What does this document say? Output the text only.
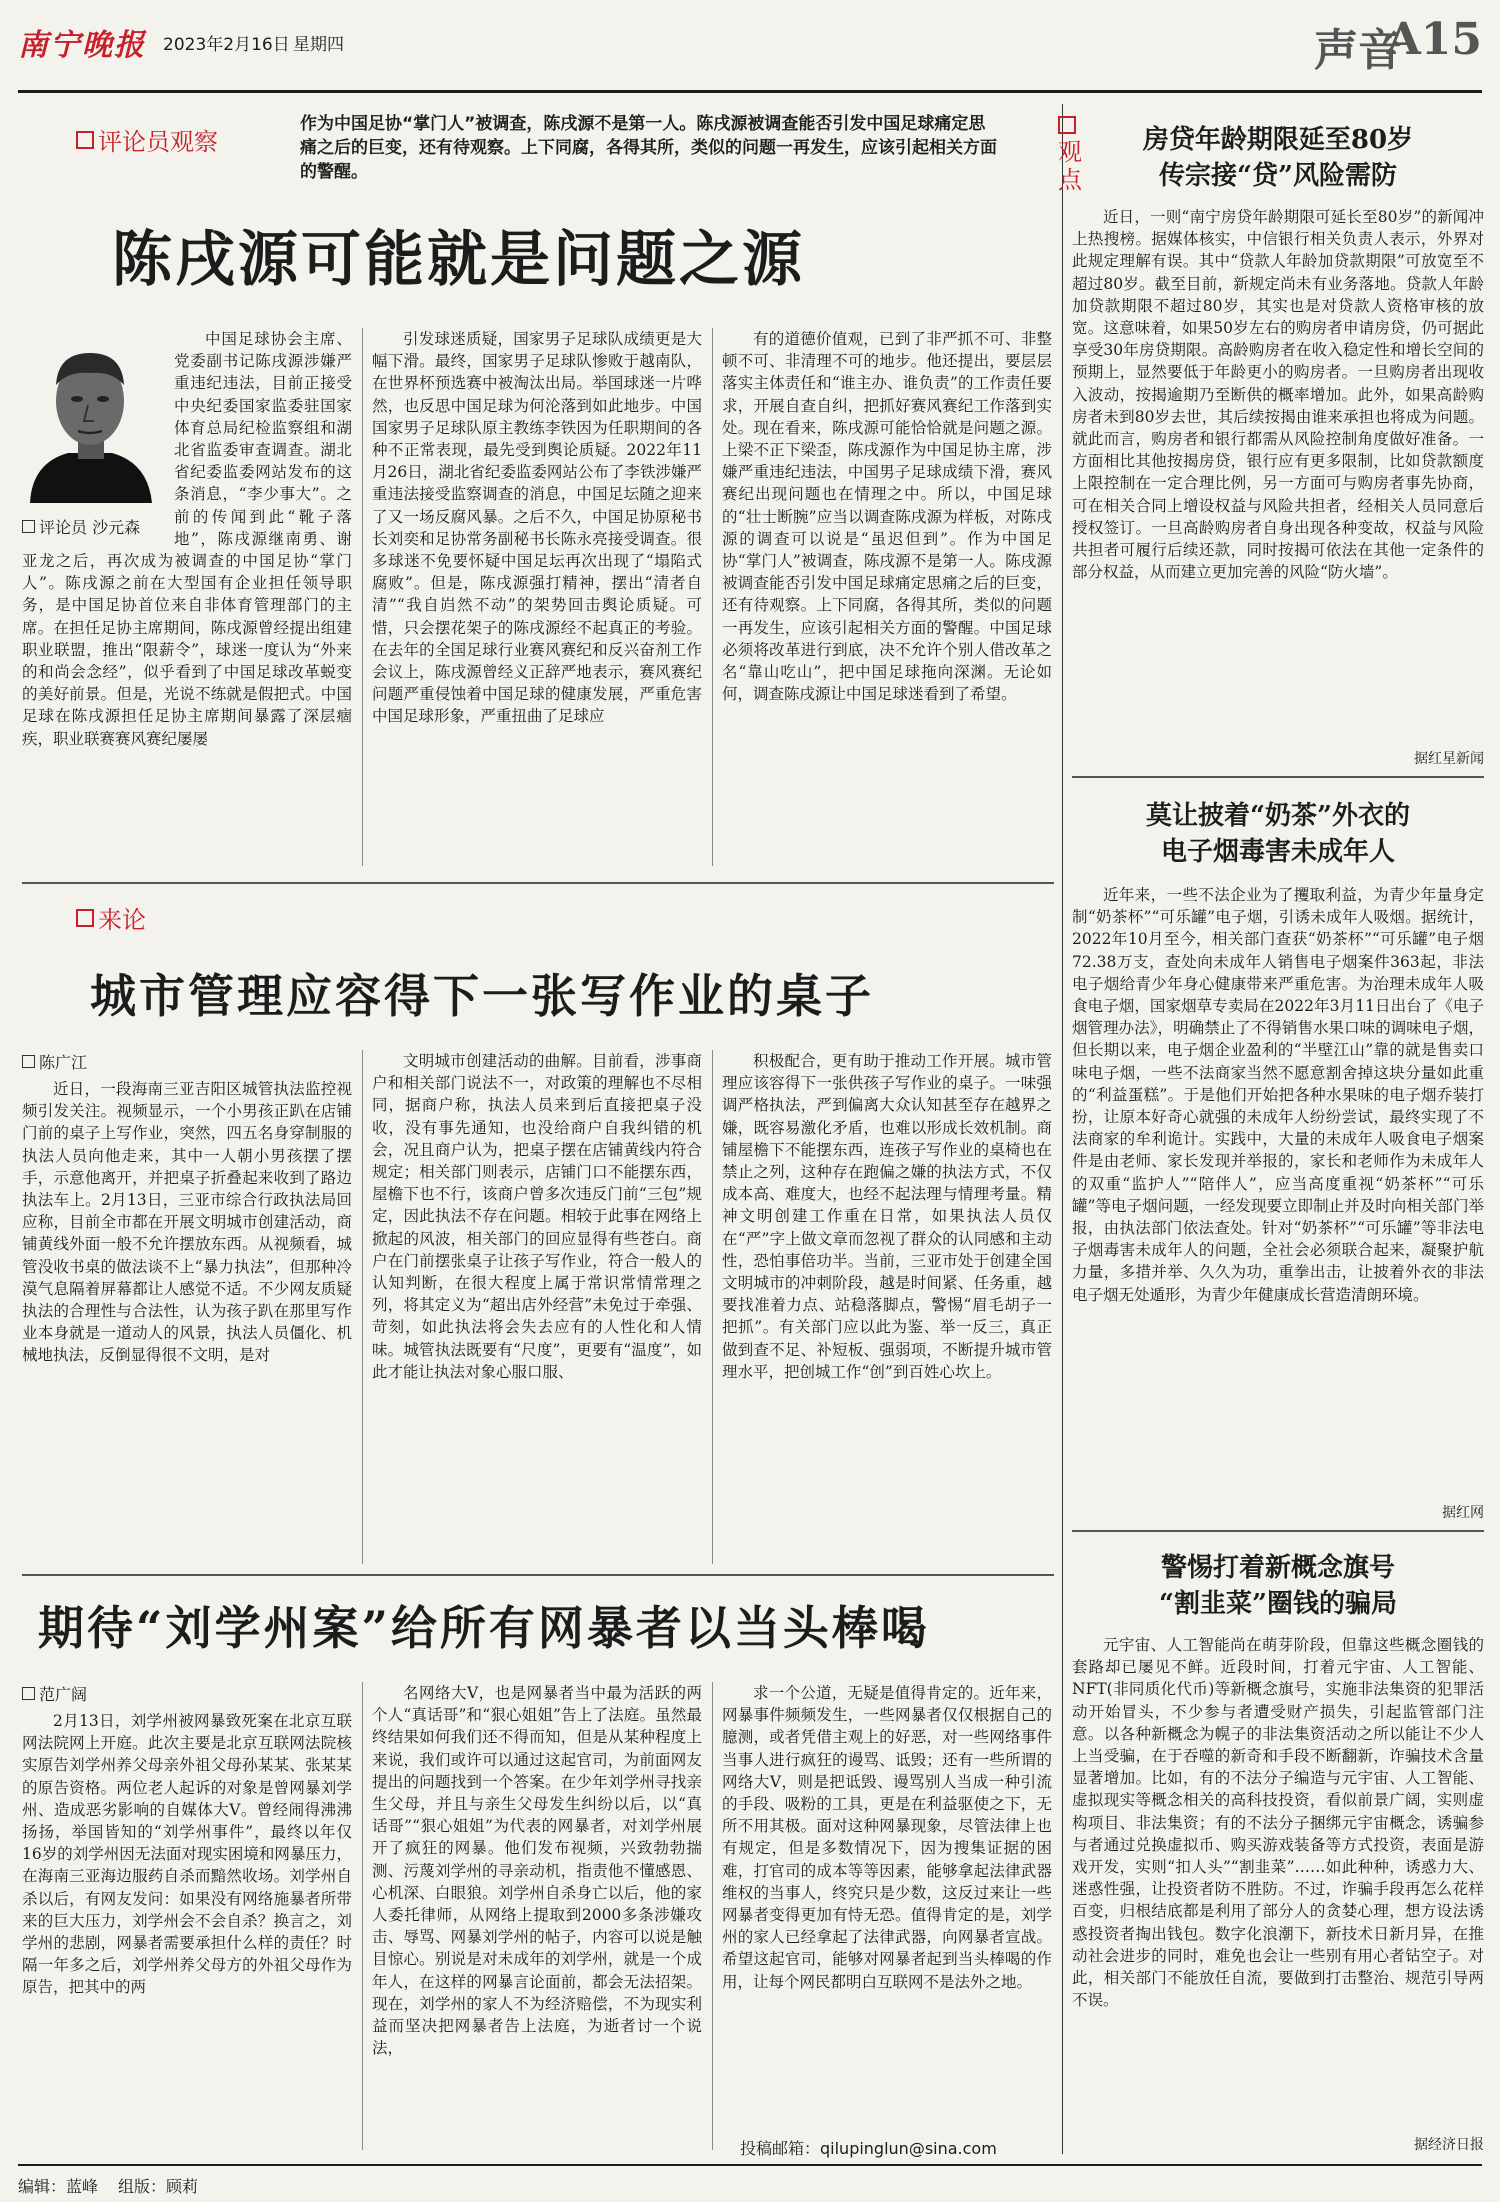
南宁晚报 2023年2月16日 星期四	声音
A15
评论员观察
作为中国足协“掌门人”被调查，陈戌源不是第一人。陈戌源被调查能否引发中国足球痛定思痛之后的巨变，还有待观察。上下同腐，各得其所，类似的问题一再发生，应该引起相关方面的警醒。
陈戌源可能就是问题之源
评论员 沙元森

中国足球协会主席、党委副书记陈戌源涉嫌严重违纪违法，目前正接受中央纪委国家监委驻国家体育总局纪检监察组和湖北省监委审查调查。湖北省纪委监委网站发布的这条消息，“李少事大”。之前的传闻到此“靴子落地”，陈戌源继南勇、谢亚龙之后，再次成为被调查的中国足协“掌门人”。陈戌源之前在大型国有企业担任领导职务，是中国足协首位来自非体育管理部门的主席。在担任足协主席期间，陈戌源曾经提出组建职业联盟，推出“限薪令”，球迷一度认为“外来的和尚会念经”，似乎看到了中国足球改革蜕变的美好前景。但是，光说不练就是假把式。中国足球在陈戌源担任足协主席期间暴露了深层痼疾，职业联赛赛风赛纪屡屡

引发球迷质疑，国家男子足球队成绩更是大幅下滑。最终，国家男子足球队惨败于越南队，在世界杯预选赛中被淘汰出局。举国球迷一片哗然，也反思中国足球为何沦落到如此地步。中国国家男子足球队原主教练李铁因为任职期间的各种不正常表现，最先受到舆论质疑。2022年11月26日，湖北省纪委监委网站公布了李铁涉嫌严重违法接受监察调查的消息，中国足坛随之迎来了又一场反腐风暴。之后不久，中国足协原秘书长刘奕和足协常务副秘书长陈永亮接受调查。很多球迷不免要怀疑中国足坛再次出现了“塌陷式腐败”。但是，陈戌源强打精神，摆出“清者自清”“我自岿然不动”的架势回击舆论质疑。可惜，只会摆花架子的陈戌源经不起真正的考验。在去年的全国足球行业赛风赛纪和反兴奋剂工作会议上，陈戌源曾经义正辞严地表示，赛风赛纪问题严重侵蚀着中国足球的健康发展，严重危害中国足球形象，严重扭曲了足球应

有的道德价值观，已到了非严抓不可、非整顿不可、非清理不可的地步。他还提出，要层层落实主体责任和“谁主办、谁负责”的工作责任要求，开展自查自纠，把抓好赛风赛纪工作落到实处。现在看来，陈戌源可能恰恰就是问题之源。上梁不正下梁歪，陈戌源作为中国足协主席，涉嫌严重违纪违法，中国男子足球成绩下滑，赛风赛纪出现问题也在情理之中。所以，中国足球的“壮士断腕”应当以调查陈戌源为样板，对陈戌源的调查可以说是“虽迟但到”。作为中国足协“掌门人”被调查，陈戌源不是第一人。陈戌源被调查能否引发中国足球痛定思痛之后的巨变，还有待观察。上下同腐，各得其所，类似的问题一再发生，应该引起相关方面的警醒。中国足球必须将改革进行到底，决不允许个别人借改革之名“靠山吃山”，把中国足球拖向深渊。无论如何，调查陈戌源让中国足球迷看到了希望。

来论
城市管理应容得下一张写作业的桌子
陈广江

近日，一段海南三亚吉阳区城管执法监控视频引发关注。视频显示，一个小男孩正趴在店铺门前的桌子上写作业，突然，四五名身穿制服的执法人员向他走来，其中一人朝小男孩摆了摆手，示意他离开，并把桌子折叠起来收到了路边执法车上。2月13日，三亚市综合行政执法局回应称，目前全市都在开展文明城市创建活动，商铺黄线外面一般不允许摆放东西。从视频看，城管没收书桌的做法谈不上“暴力执法”，但那种冷漠气息隔着屏幕都让人感觉不适。不少网友质疑执法的合理性与合法性，认为孩子趴在那里写作业本身就是一道动人的风景，执法人员僵化、机械地执法，反倒显得很不文明，是对

文明城市创建活动的曲解。目前看，涉事商户和相关部门说法不一，对政策的理解也不尽相同，据商户称，执法人员来到后直接把桌子没收，没有事先通知，也没给商户自我纠错的机会，况且商户认为，把桌子摆在店铺黄线内符合规定；相关部门则表示，店铺门口不能摆东西，屋檐下也不行，该商户曾多次违反门前“三包”规定，因此执法不存在问题。相较于此事在网络上掀起的风波，相关部门的回应显得有些苍白。商户在门前摆张桌子让孩子写作业，符合一般人的认知判断，在很大程度上属于常识常情常理之列，将其定义为“超出店外经营”未免过于牵强、苛刻，如此执法将会失去应有的人性化和人情味。城管执法既要有“尺度”，更要有“温度”，如此才能让执法对象心服口服、

积极配合，更有助于推动工作开展。城市管理应该容得下一张供孩子写作业的桌子。一味强调严格执法，严到偏离大众认知甚至存在越界之嫌，既容易激化矛盾，也难以形成长效机制。商铺屋檐下不能摆东西，连孩子写作业的桌椅也在禁止之列，这种存在跑偏之嫌的执法方式，不仅成本高、难度大，也经不起法理与情理考量。精神文明创建工作重在日常，如果执法人员仅在“严”字上做文章而忽视了群众的认同感和主动性，恐怕事倍功半。当前，三亚市处于创建全国文明城市的冲刺阶段，越是时间紧、任务重，越要找准着力点、站稳落脚点，警惕“眉毛胡子一把抓”。有关部门应以此为鉴、举一反三，真正做到查不足、补短板、强弱项，不断提升城市管理水平，把创城工作“创”到百姓心坎上。

期待“刘学州案”给所有网暴者以当头棒喝
范广阔

2月13日，刘学州被网暴致死案在北京互联网法院网上开庭。此次主要是北京互联网法院核实原告刘学州养父母亲外祖父母孙某某、张某某的原告资格。两位老人起诉的对象是曾网暴刘学州、造成恶劣影响的自媒体大V。曾经闹得沸沸扬扬，举国皆知的“刘学州事件”，最终以年仅16岁的刘学州因无法面对现实困境和网暴压力，在海南三亚海边服药自杀而黯然收场。刘学州自杀以后，有网友发问：如果没有网络施暴者所带来的巨大压力，刘学州会不会自杀？换言之，刘学州的悲剧，网暴者需要承担什么样的责任？时隔一年多之后，刘学州养父母方的外祖父母作为原告，把其中的两

名网络大V，也是网暴者当中最为活跃的两个人“真话哥”和“狠心姐姐”告上了法庭。虽然最终结果如何我们还不得而知，但是从某种程度上来说，我们或许可以通过这起官司，为前面网友提出的问题找到一个答案。在少年刘学州寻找亲生父母，并且与亲生父母发生纠纷以后，以“真话哥”“狠心姐姐”为代表的网暴者，对刘学州展开了疯狂的网暴。他们发布视频，兴致勃勃揣测、污蔑刘学州的寻亲动机，指责他不懂感恩、心机深、白眼狼。刘学州自杀身亡以后，他的家人委托律师，从网络上提取到2000多条涉嫌攻击、辱骂、网暴刘学州的帖子，内容可以说是触目惊心。别说是对未成年的刘学州，就是一个成年人，在这样的网暴言论面前，都会无法招架。现在，刘学州的家人不为经济赔偿，不为现实利益而坚决把网暴者告上法庭，为逝者讨一个说法，

求一个公道，无疑是值得肯定的。近年来，网暴事件频频发生，一些网暴者仅仅根据自己的臆测，或者凭借主观上的好恶，对一些网络事件当事人进行疯狂的谩骂、诋毁；还有一些所谓的网络大V，则是把诋毁、谩骂别人当成一种引流的手段、吸粉的工具，更是在利益驱使之下，无所不用其极。面对这种网暴现象，尽管法律上也有规定，但是多数情况下，因为搜集证据的困难，打官司的成本等等因素，能够拿起法律武器维权的当事人，终究只是少数，这反过来让一些网暴者变得更加有恃无恐。值得肯定的是，刘学州的家人已经拿起了法律武器，向网暴者宣战。希望这起官司，能够对网暴者起到当头棒喝的作用，让每个网民都明白互联网不是法外之地。

投稿邮箱：qilupinglun@sina.com
观点
房贷年龄期限延至80岁
传宗接“贷”风险需防

近日，一则“南宁房贷年龄期限可延长至80岁”的新闻冲上热搜榜。据媒体核实，中信银行相关负责人表示，外界对此规定理解有误。其中“贷款人年龄加贷款期限”可放宽至不超过80岁。截至目前，新规定尚未有业务落地。贷款人年龄加贷款期限不超过80岁，其实也是对贷款人资格审核的放宽。这意味着，如果50岁左右的购房者申请房贷，仍可据此享受30年房贷期限。高龄购房者在收入稳定性和增长空间的预期上，显然要低于年龄更小的购房者。一旦购房者出现收入波动，按揭逾期乃至断供的概率增加。此外，如果高龄购房者未到80岁去世，其后续按揭由谁来承担也将成为问题。就此而言，购房者和银行都需从风险控制角度做好准备。一方面相比其他按揭房贷，银行应有更多限制，比如贷款额度上限控制在一定合理比例，另一方面可与购房者事先协商，可在相关合同上增设权益与风险共担者，经相关人员同意后授权签订。一旦高龄购房者自身出现各种变故，权益与风险共担者可履行后续还款，同时按揭可依法在其他一定条件的部分权益，从而建立更加完善的风险“防火墙”。

据红星新闻
莫让披着“奶茶”外衣的
电子烟毒害未成年人

近年来，一些不法企业为了攫取利益，为青少年量身定制“奶茶杯”“可乐罐”电子烟，引诱未成年人吸烟。据统计，2022年10月至今，相关部门查获“奶茶杯”“可乐罐”电子烟72.38万支，查处向未成年人销售电子烟案件363起，非法电子烟给青少年身心健康带来严重危害。为治理未成年人吸食电子烟，国家烟草专卖局在2022年3月11日出台了《电子烟管理办法》，明确禁止了不得销售水果口味的调味电子烟，但长期以来，电子烟企业盈利的“半壁江山”靠的就是售卖口味电子烟，一些不法商家当然不愿意割舍掉这块分量如此重的“利益蛋糕”。于是他们开始把各种水果味的电子烟乔装打扮，让原本好奇心就强的未成年人纷纷尝试，最终实现了不法商家的牟利诡计。实践中，大量的未成年人吸食电子烟案件是由老师、家长发现并举报的，家长和老师作为未成年人的双重“监护人”“陪伴人”，应当高度重视“奶茶杯”“可乐罐”等电子烟问题，一经发现要立即制止并及时向相关部门举报，由执法部门依法查处。针对“奶茶杯”“可乐罐”等非法电子烟毒害未成年人的问题，全社会必须联合起来，凝聚护航力量，多措并举、久久为功，重拳出击，让披着外衣的非法电子烟无处遁形，为青少年健康成长营造清朗环境。

据红网
警惕打着新概念旗号
“割韭菜”圈钱的骗局

元宇宙、人工智能尚在萌芽阶段，但靠这些概念圈钱的套路却已屡见不鲜。近段时间，打着元宇宙、人工智能、NFT(非同质化代币)等新概念旗号，实施非法集资的犯罪活动开始冒头，不少参与者遭受财产损失，引起监管部门注意。以各种新概念为幌子的非法集资活动之所以能让不少人上当受骗，在于吞噬的新奇和手段不断翻新，诈骗技术含量显著增加。比如，有的不法分子编造与元宇宙、人工智能、虚拟现实等概念相关的高科技投资，看似前景广阔，实则虚构项目、非法集资；有的不法分子捆绑元宇宙概念，诱骗参与者通过兑换虚拟币、购买游戏装备等方式投资，表面是游戏开发，实则“扣人头”“割韭菜”……如此种种，诱惑力大、迷惑性强，让投资者防不胜防。不过，诈骗手段再怎么花样百变，归根结底都是利用了部分人的贪婪心理，想方设法诱惑投资者掏出钱包。数字化浪潮下，新技术日新月异，在推动社会进步的同时，难免也会让一些别有用心者钻空子。对此，相关部门不能放任自流，要做到打击整治、规范引导两不误。

据经济日报
编辑：蓝峰 组版：顾莉
